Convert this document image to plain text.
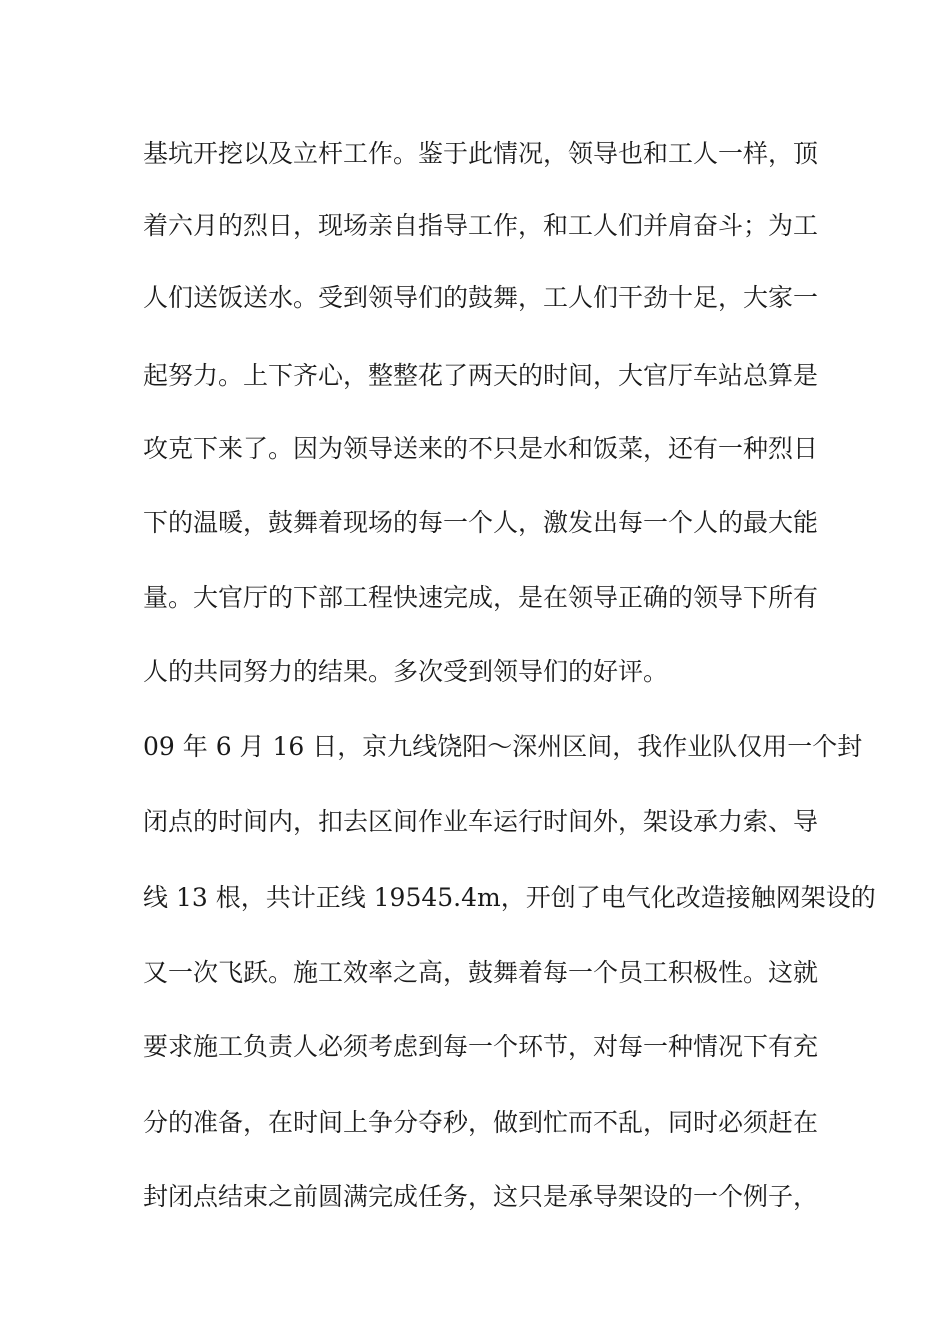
基坑开挖以及立杆工作。鉴于此情况，领导也和工人一样，顶
着六月的烈日，现场亲自指导工作，和工人们并肩奋斗；为工
人们送饭送水。受到领导们的鼓舞，工人们干劲十足，大家一
起努力。上下齐心，整整花了两天的时间，大官厅车站总算是
攻克下来了。因为领导送来的不只是水和饭菜，还有一种烈日
下的温暖，鼓舞着现场的每一个人，激发出每一个人的最大能
量。大官厅的下部工程快速完成，是在领导正确的领导下所有
人的共同努力的结果。多次受到领导们的好评。
09 年 6 月 16 日，京九线饶阳～深州区间，我作业队仅用一个封
闭点的时间内，扣去区间作业车运行时间外，架设承力索、导
线 13 根，共计正线 19545.4m，开创了电气化改造接触网架设的
又一次飞跃。施工效率之高，鼓舞着每一个员工积极性。这就
要求施工负责人必须考虑到每一个环节，对每一种情况下有充
分的准备，在时间上争分夺秒，做到忙而不乱，同时必须赶在
封闭点结束之前圆满完成任务，这只是承导架设的一个例子，
